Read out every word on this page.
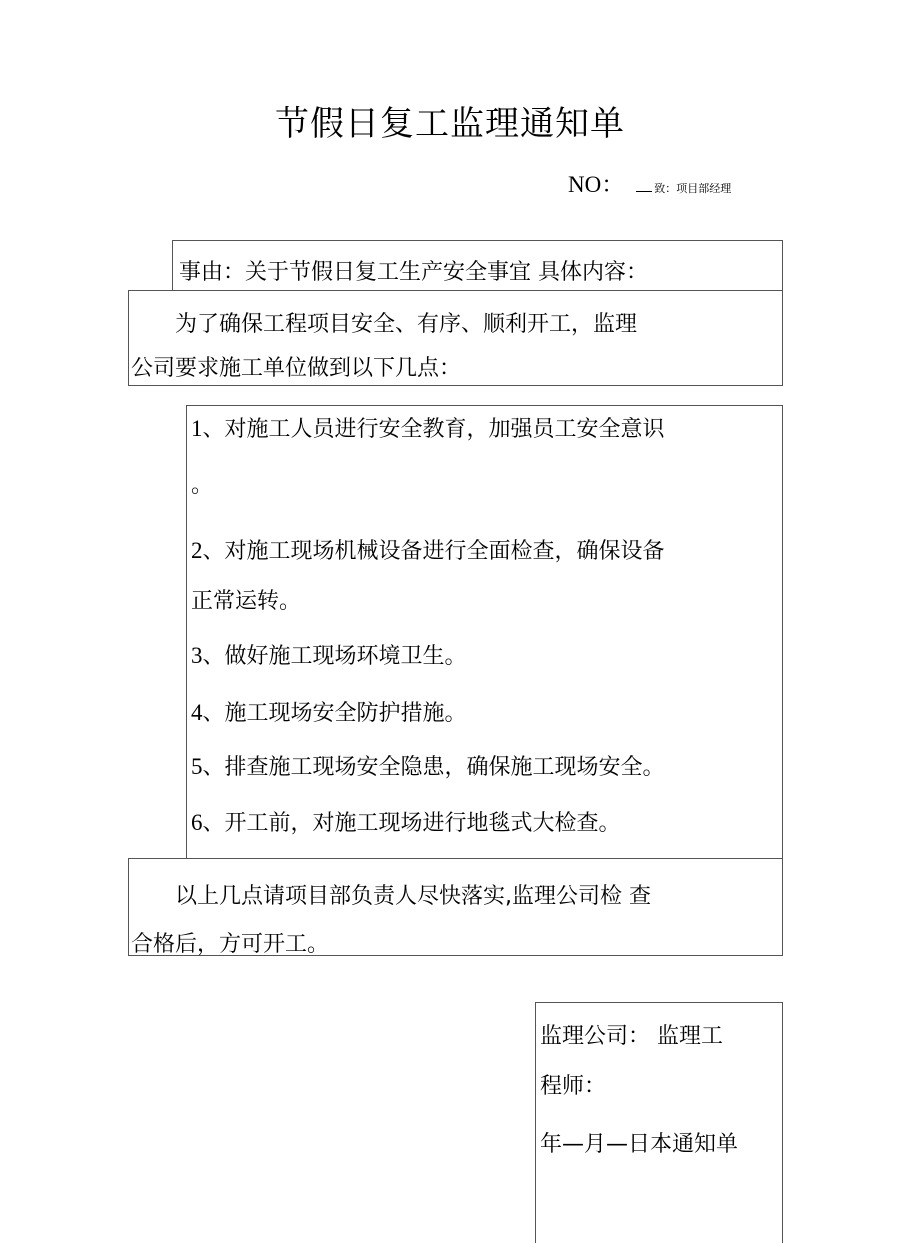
节假日复工监理通知单
NO：	致：项目部经理
事由：关于节假日复工生产安全事宜 具体内容：
　　为了确保工程项目安全、有序、顺利开工，监理
公司要求施工单位做到以下几点：
1、对施工人员进行安全教育，加强员工安全意识
。
2、对施工现场机械设备进行全面检查，确保设备
正常运转。
3、做好施工现场环境卫生。
4、施工现场安全防护措施。
5、排查施工现场安全隐患，确保施工现场安全。
6、开工前，对施工现场进行地毯式大检查。
　　以上几点请项目部负责人尽快落实,监理公司检 查
合格后，方可开工。
监理公司： 监理工
程师：
年—月—日本通知单
